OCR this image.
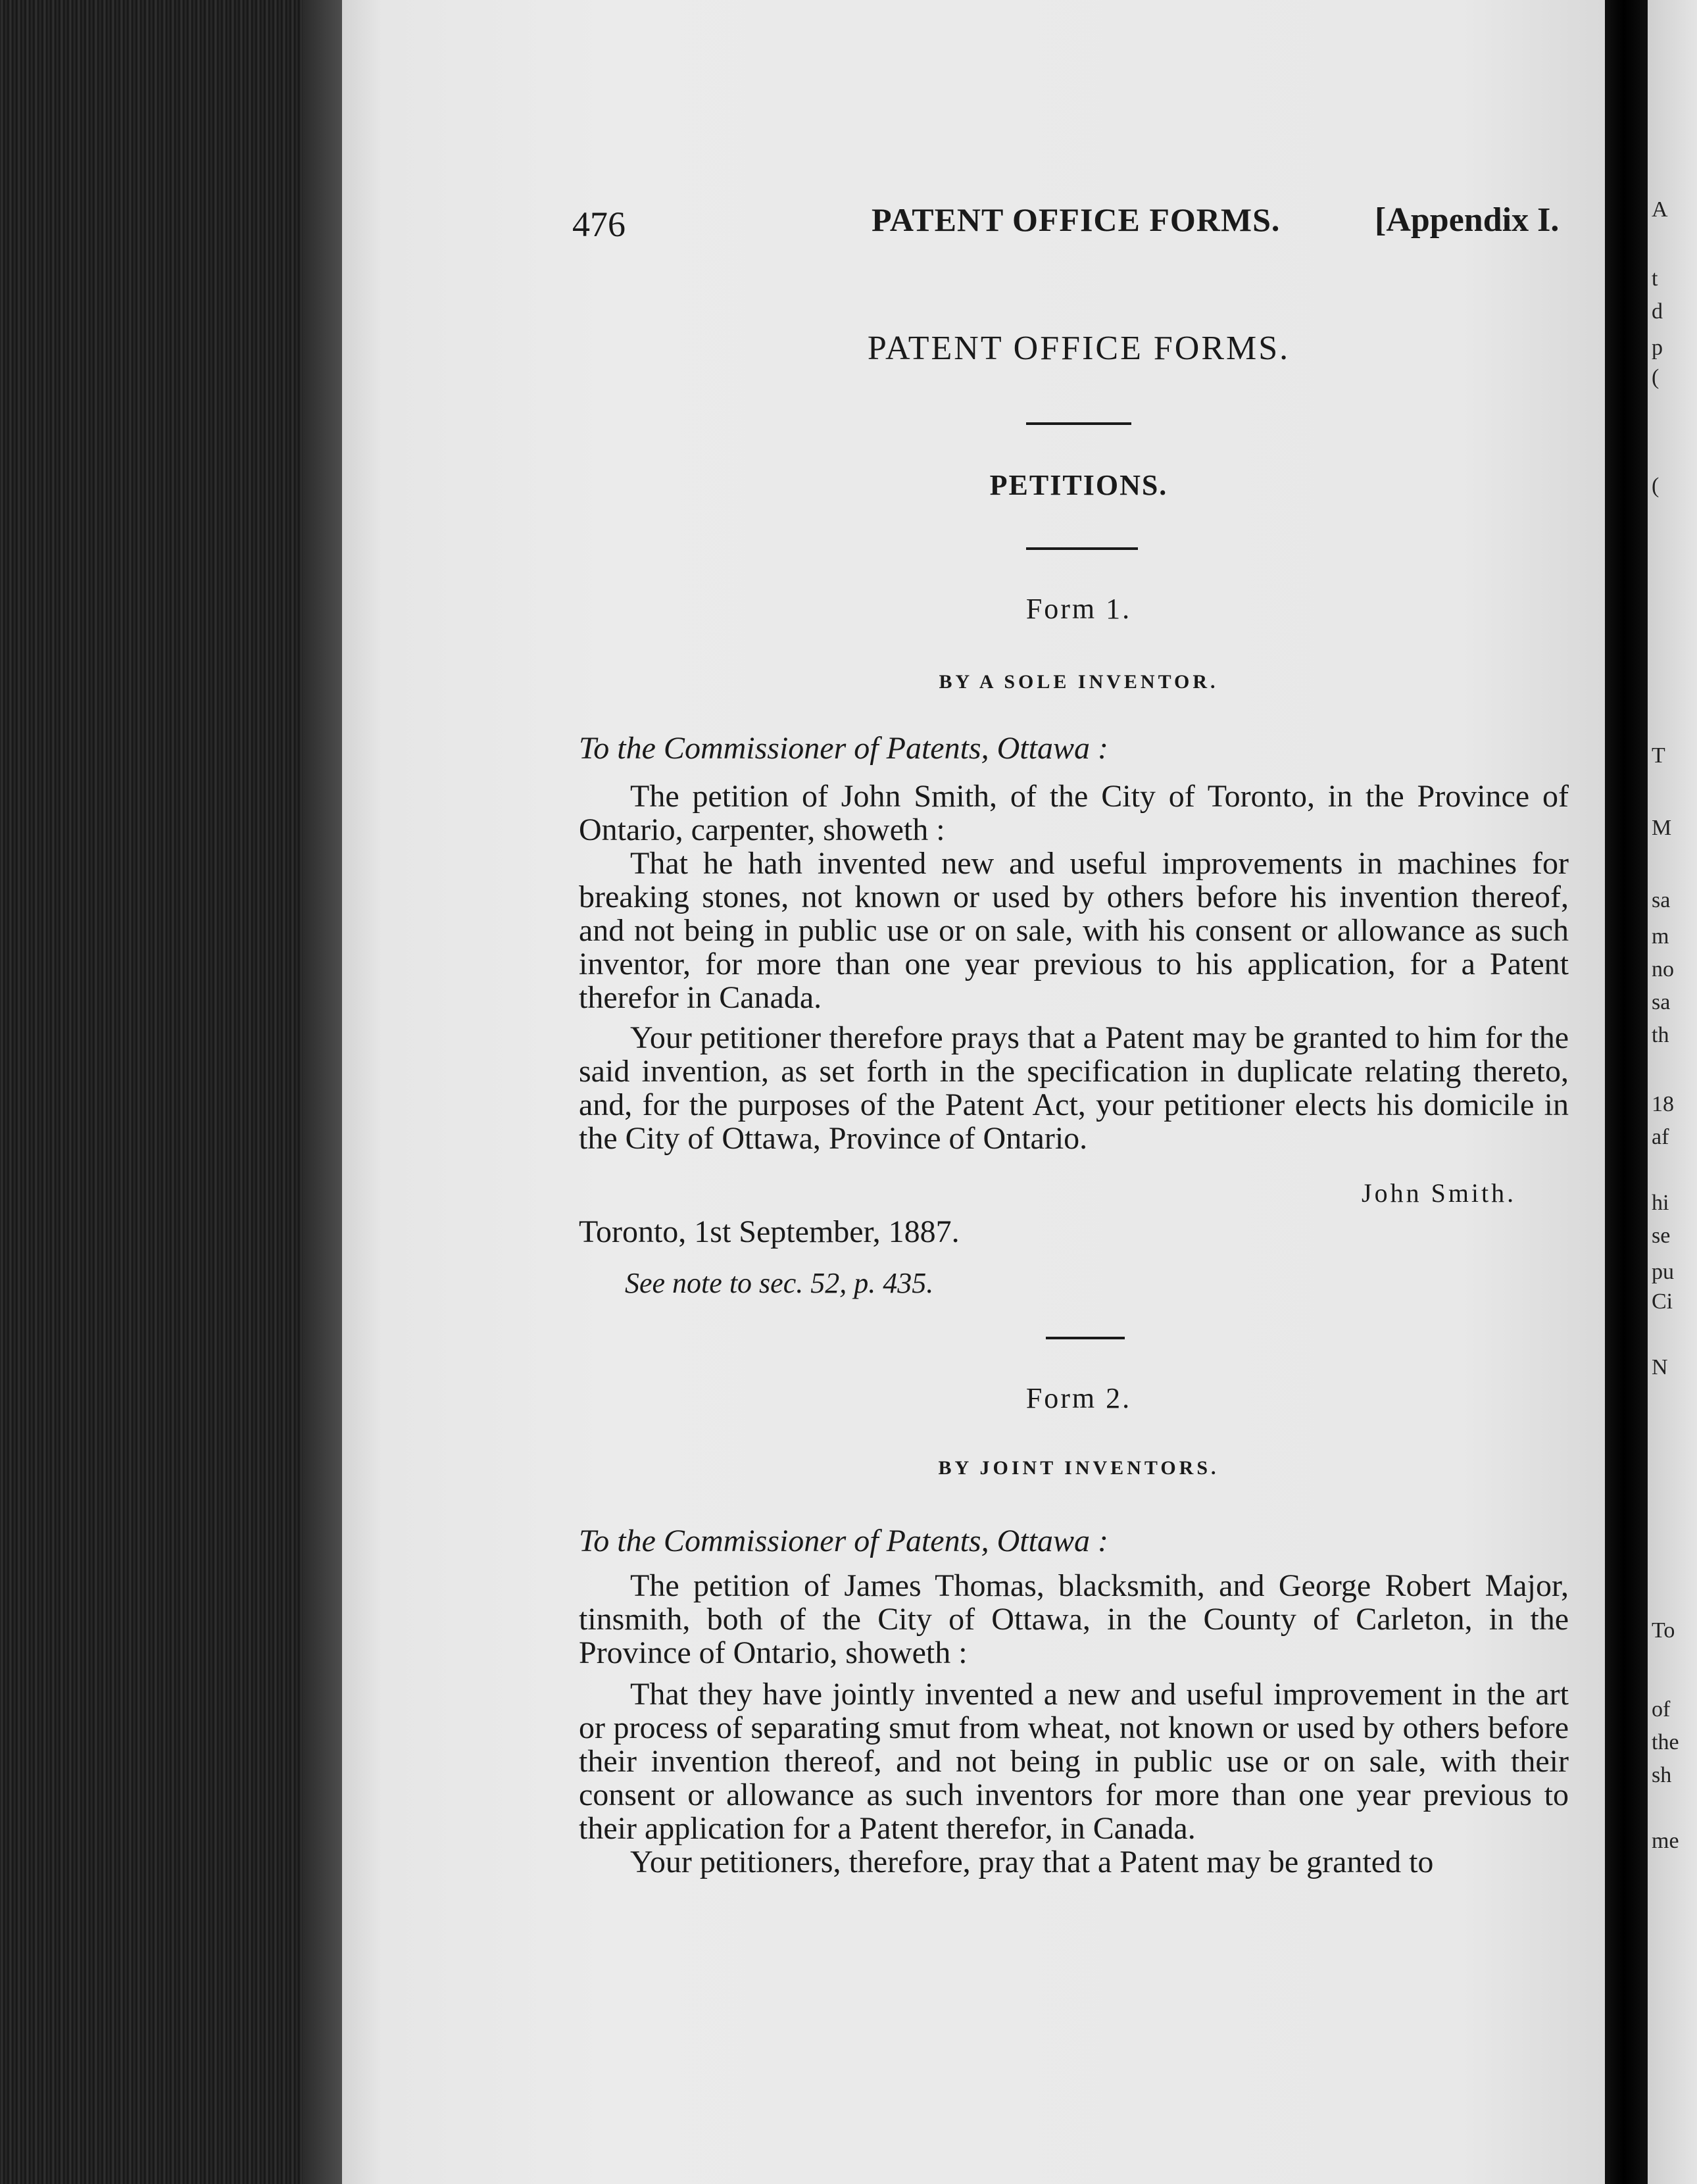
A
t
d
p
(
(
T
M
sa
m
no
sa
th
18
af
hi
se
pu
Ci
N
To
of
the
sh
me
476	PATENT OFFICE FORMS.	[Appendix I.
PATENT OFFICE FORMS.
PETITIONS.
Form 1.
BY A SOLE INVENTOR.
To the Commissioner of Patents, Ottawa :
The petition of John Smith, of the City of Toronto, in the Province of Ontario, carpenter, showeth :
That he hath invented new and useful improvements in machines for breaking stones, not known or used by others before his invention thereof, and not being in public use or on sale, with his consent or allowance as such inventor, for more than one year previous to his application, for a Patent therefor in Canada.
Your petitioner therefore prays that a Patent may be granted to him for the said invention, as set forth in the specification in duplicate relating thereto, and, for the purposes of the Patent Act, your petitioner elects his domicile in the City of Ottawa, Province of Ontario.
John Smith.
Toronto, 1st September, 1887.
See note to sec. 52, p. 435.
Form 2.
BY JOINT INVENTORS.
To the Commissioner of Patents, Ottawa :
The petition of James Thomas, blacksmith, and George Robert Major, tinsmith, both of the City of Ottawa, in the County of Carleton, in the Province of Ontario, showeth :
That they have jointly invented a new and useful improvement in the art or process of separating smut from wheat, not known or used by others before their invention thereof, and not being in public use or on sale, with their consent or allowance as such inventors for more than one year previous to their application for a Patent therefor, in Canada.
Your petitioners, therefore, pray that a Patent may be granted to
